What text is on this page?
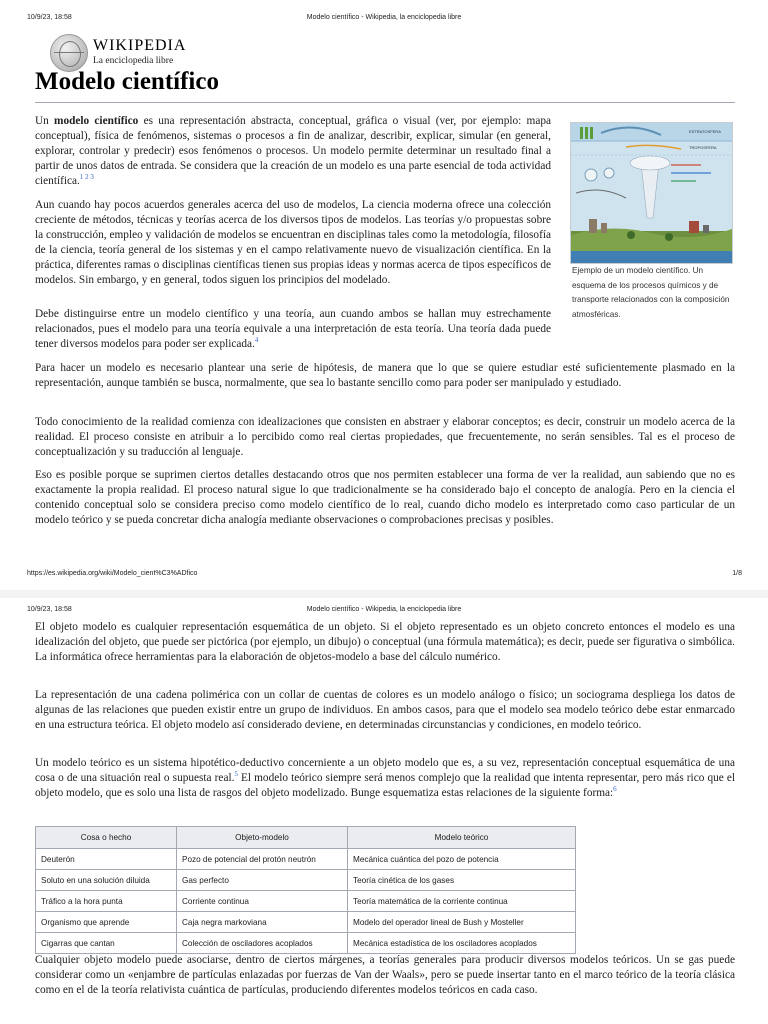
10/9/23, 18:58	Modelo científico - Wikipedia, la enciclopedia libre
WIKIPEDIA
La enciclopedia libre
Modelo científico
ESTRATOSFERA
TROPOSFERA
Ejemplo de un modelo científico. Un esquema de los procesos químicos y de transporte relacionados con la composición atmosféricas.

Un modelo científico es una representación abstracta, conceptual, gráfica o visual (ver, por ejemplo: mapa conceptual), física de fenómenos, sistemas o procesos a fin de analizar, describir, explicar, simular (en general, explorar, controlar y predecir) esos fenómenos o procesos. Un modelo permite determinar un resultado final a partir de unos datos de entrada. Se considera que la creación de un modelo es una parte esencial de toda actividad científica.$^{1 2 3}$

Aun cuando hay pocos acuerdos generales acerca del uso de modelos, La ciencia moderna ofrece una colección creciente de métodos, técnicas y teorías acerca de los diversos tipos de modelos. Las teorías y/o propuestas sobre la construcción, empleo y validación de modelos se encuentran en disciplinas tales como la metodología, filosofía de la ciencia, teoría general de los sistemas y en el campo relativamente nuevo de visualización científica. En la práctica, diferentes ramas o disciplinas científicas tienen sus propias ideas y normas acerca de tipos específicos de modelos. Sin embargo, y en general, todos siguen los principios del modelado.

Debe distinguirse entre un modelo científico y una teoría, aun cuando ambos se hallan muy estrechamente relacionados, pues el modelo para una teoría equivale a una interpretación de esta teoría. Una teoría dada puede tener diversos modelos para poder ser explicada.$^4$

Para hacer un modelo es necesario plantear una serie de hipótesis, de manera que lo que se quiere estudiar esté suficientemente plasmado en la representación, aunque también se busca, normalmente, que sea lo bastante sencillo como para poder ser manipulado y estudiado.

Todo conocimiento de la realidad comienza con idealizaciones que consisten en abstraer y elaborar conceptos; es decir, construir un modelo acerca de la realidad. El proceso consiste en atribuir a lo percibido como real ciertas propiedades, que frecuentemente, no serán sensibles. Tal es el proceso de conceptualización y su traducción al lenguaje.

Eso es posible porque se suprimen ciertos detalles destacando otros que nos permiten establecer una forma de ver la realidad, aun sabiendo que no es exactamente la propia realidad. El proceso natural sigue lo que tradicionalmente se ha considerado bajo el concepto de analogía. Pero en la ciencia el contenido conceptual solo se considera preciso como modelo científico de lo real, cuando dicho modelo es interpretado como caso particular de un modelo teórico y se pueda concretar dicha analogía mediante observaciones o comprobaciones precisas y posibles.

https://es.wikipedia.org/wiki/Modelo_cient%C3%ADfico	1/8
10/9/23, 18:58	Modelo científico - Wikipedia, la enciclopedia libre

El objeto modelo es cualquier representación esquemática de un objeto. Si el objeto representado es un objeto concreto entonces el modelo es una idealización del objeto, que puede ser pictórica (por ejemplo, un dibujo) o conceptual (una fórmula matemática); es decir, puede ser figurativa o simbólica. La informática ofrece herramientas para la elaboración de objetos-modelo a base del cálculo numérico.

La representación de una cadena polimérica con un collar de cuentas de colores es un modelo análogo o físico; un sociograma despliega los datos de algunas de las relaciones que pueden existir entre un grupo de individuos. En ambos casos, para que el modelo sea modelo teórico debe estar enmarcado en una estructura teórica. El objeto modelo así considerado deviene, en determinadas circunstancias y condiciones, en modelo teórico.

Un modelo teórico es un sistema hipotético-deductivo concerniente a un objeto modelo que es, a su vez, representación conceptual esquemática de una cosa o de una situación real o supuesta real.$^5$ El modelo teórico siempre será menos complejo que la realidad que intenta representar, pero más rico que el objeto modelo, que es solo una lista de rasgos del objeto modelizado. Bunge esquematiza estas relaciones de la siguiente forma:$^6$

Cosa o hecho	Objeto-modelo	Modelo teórico
Deuterón	Pozo de potencial del protón neutrón	Mecánica cuántica del pozo de potencia
Soluto en una solución diluida	Gas perfecto	Teoría cinética de los gases
Tráfico a la hora punta	Corriente continua	Teoría matemática de la corriente continua
Organismo que aprende	Caja negra markoviana	Modelo del operador lineal de Bush y Mosteller
Cigarras que cantan	Colección de osciladores acoplados	Mecánica estadística de los osciladores acoplados

Cualquier objeto modelo puede asociarse, dentro de ciertos márgenes, a teorías generales para producir diversos modelos teóricos. Un se gas puede considerar como un «enjambre de partículas enlazadas por fuerzas de Van der Waals», pero se puede insertar tanto en el marco teórico de la teoría clásica como en el de la teoría relativista cuántica de partículas, produciendo diferentes modelos teóricos en cada caso.
